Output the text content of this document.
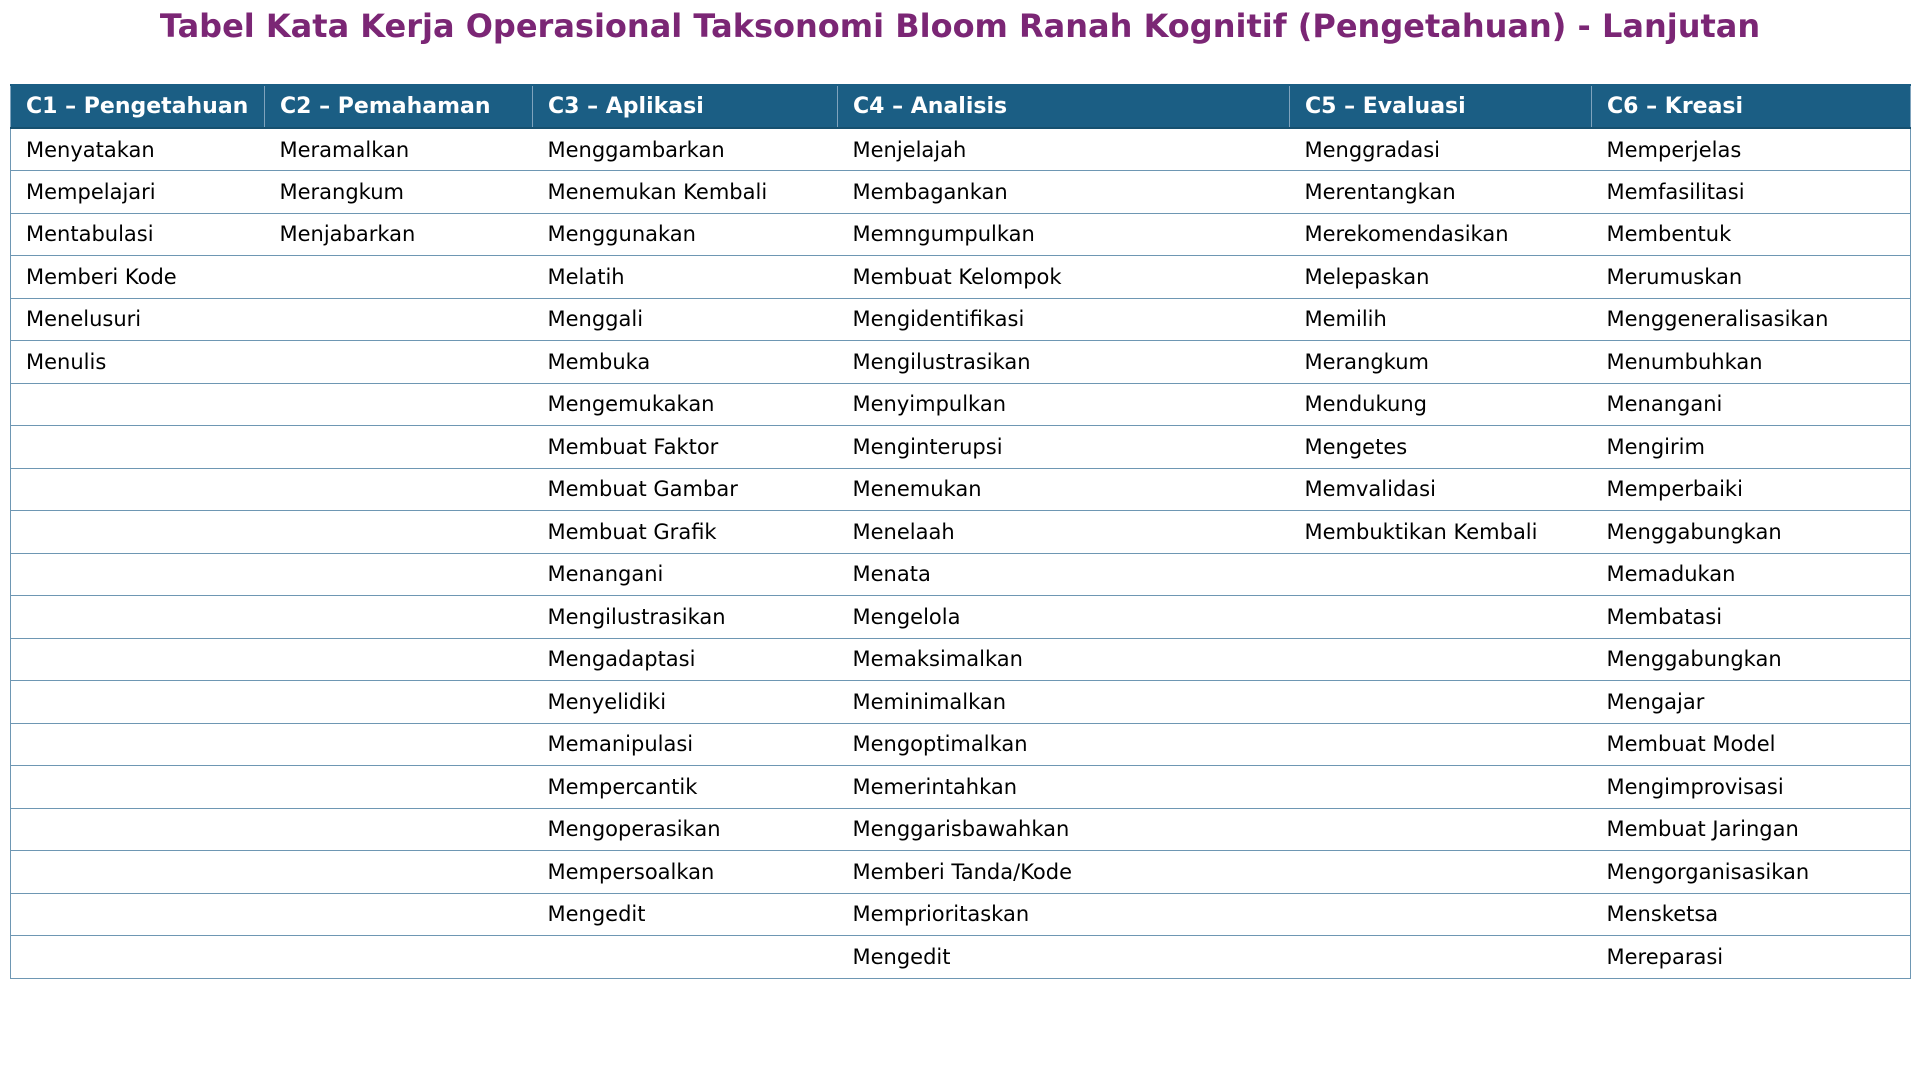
Tabel Kata Kerja Operasional Taksonomi Bloom Ranah Kognitif (Pengetahuan) - Lanjutan
C1 – Pengetahuan	C2 – Pemahaman	C3 – Aplikasi	C4 – Analisis	C5 – Evaluasi	C6 – Kreasi
Menyatakan	Meramalkan	Menggambarkan	Menjelajah	Menggradasi	Memperjelas
Mempelajari	Merangkum	Menemukan Kembali	Membagankan	Merentangkan	Memfasilitasi
Mentabulasi	Menjabarkan	Menggunakan	Memngumpulkan	Merekomendasikan	Membentuk
Memberi Kode		Melatih	Membuat Kelompok	Melepaskan	Merumuskan
Menelusuri		Menggali	Mengidentifikasi	Memilih	Menggeneralisasikan
Menulis		Membuka	Mengilustrasikan	Merangkum	Menumbuhkan
		Mengemukakan	Menyimpulkan	Mendukung	Menangani
		Membuat Faktor	Menginterupsi	Mengetes	Mengirim
		Membuat Gambar	Menemukan	Memvalidasi	Memperbaiki
		Membuat Grafik	Menelaah	Membuktikan Kembali	Menggabungkan
		Menangani	Menata		Memadukan
		Mengilustrasikan	Mengelola		Membatasi
		Mengadaptasi	Memaksimalkan		Menggabungkan
		Menyelidiki	Meminimalkan		Mengajar
		Memanipulasi	Mengoptimalkan		Membuat Model
		Mempercantik	Memerintahkan		Mengimprovisasi
		Mengoperasikan	Menggarisbawahkan		Membuat Jaringan
		Mempersoalkan	Memberi Tanda/Kode		Mengorganisasikan
		Mengedit	Memprioritaskan		Mensketsa
			Mengedit		Mereparasi
